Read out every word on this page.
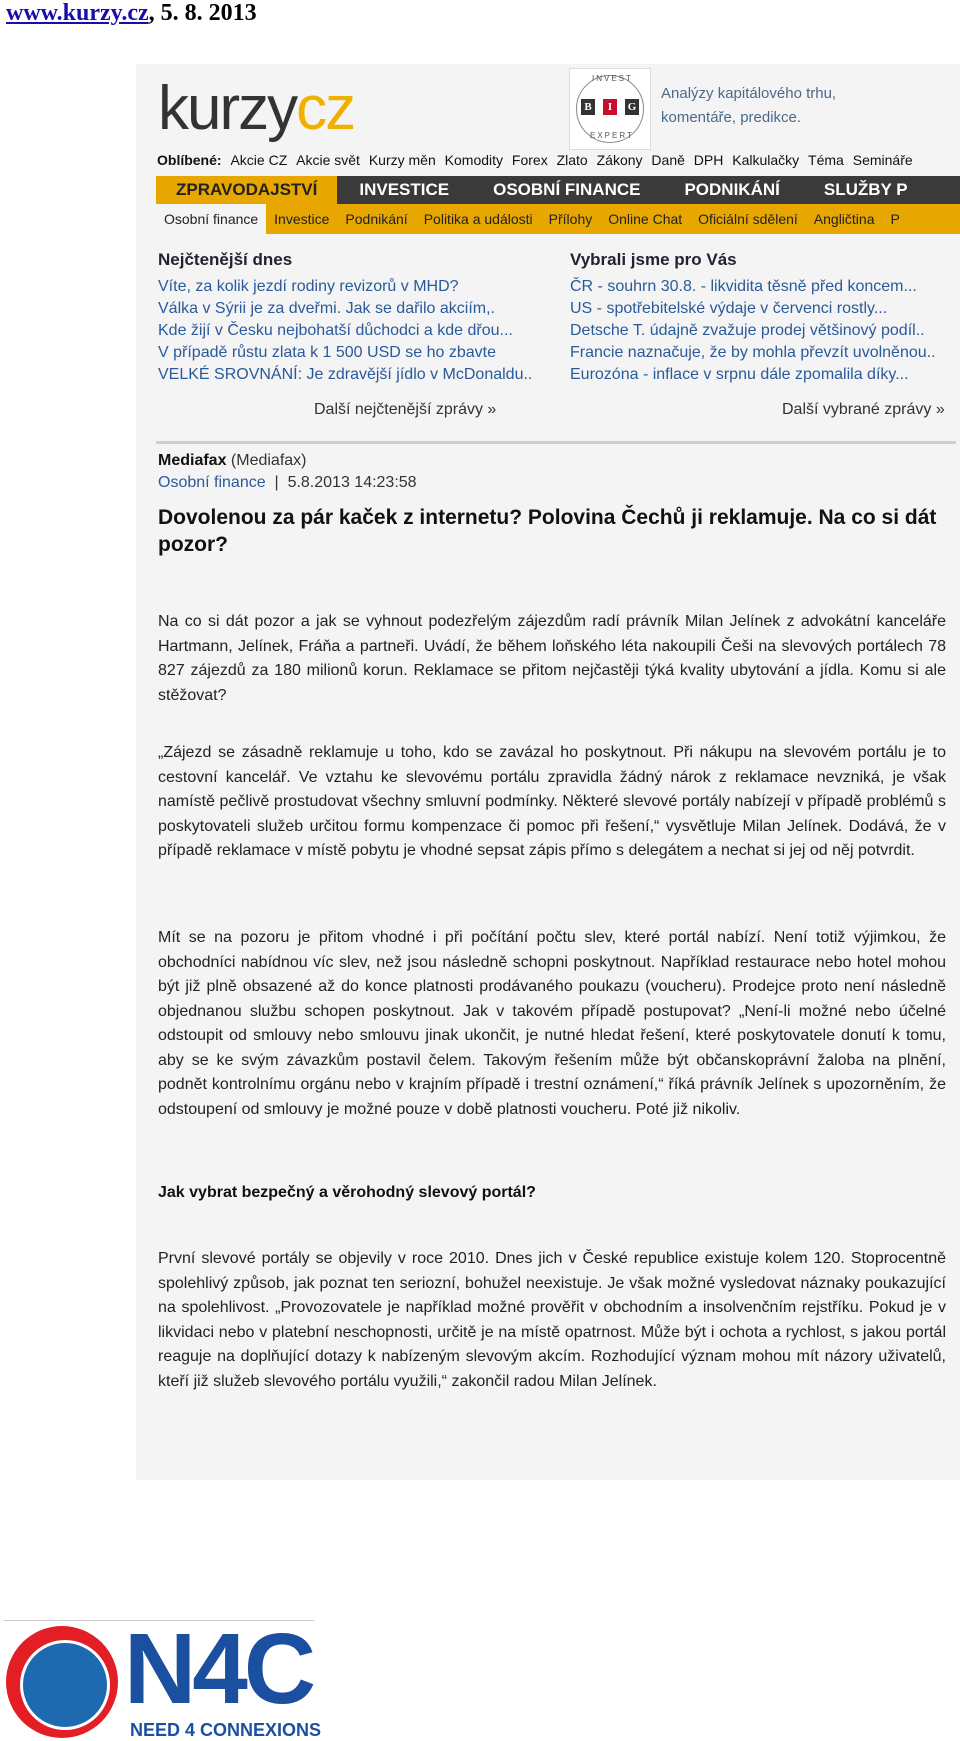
www.kurzy.cz, 5. 8. 2013
kurzycz	INVEST
B	I	G
EXPERT
Analýzy kapitálového trhu,
komentáře, predikce.
Oblíbené: Akcie CZ Akcie svět Kurzy měn Komodity Forex Zlato Zákony Daně DPH Kalkulačky Téma Semináře
ZPRAVODAJSTVÍ INVESTICE	OSOBNÍ FINANCE	PODNIKÁNÍ	SLUŽBY P
Osobní finance Investice Podnikání Politika a události Přílohy Online Chat Oficiální sdělení Angličtina P
Nejčtenější dnes
Víte, za kolik jezdí rodiny revizorů v MHD?
Válka v Sýrii je za dveřmi. Jak se dařilo akciím,.
Kde žijí v Česku nejbohatší důchodci a kde dřou...
V případě růstu zlata k 1 500 USD se ho zbavte
VELKÉ SROVNÁNÍ: Je zdravější jídlo v McDonaldu..
Další nejčtenější zprávy »
Vybrali jsme pro Vás
ČR - souhrn 30.8. - likvidita těsně před koncem...
US - spotřebitelské výdaje v červenci rostly...
Detsche T. údajně zvažuje prodej většinový podíl..
Francie naznačuje, že by mohla převzít uvolněnou..
Eurozóna - inflace v srpnu dále zpomalila díky...
Další vybrané zprávy »
Mediafax (Mediafax)
Osobní finance  |  5.8.2013 14:23:58
Dovolenou za pár kaček z internetu? Polovina Čechů ji reklamuje. Na co si dát pozor?

Na co si dát pozor a jak se vyhnout podezřelým zájezdům radí právník Milan Jelínek z advokátní kanceláře Hartmann, Jelínek, Fráňa a partneři. Uvádí, že během loňského léta nakoupili Češi na slevových portálech 78 827 zájezdů za 180 milionů korun. Reklamace se přitom nejčastěji týká kvality ubytování a jídla. Komu si ale stěžovat?

„Zájezd se zásadně reklamuje u toho, kdo se zavázal ho poskytnout. Při nákupu na slevovém portálu je to cestovní kancelář. Ve vztahu ke slevovému portálu zpravidla žádný nárok z reklamace nevzniká, je však namístě pečlivě prostudovat všechny smluvní podmínky. Některé slevové portály nabízejí v případě problémů s poskytovateli služeb určitou formu kompenzace či pomoc při řešení,“ vysvětluje Milan Jelínek. Dodává, že v případě reklamace v místě pobytu je vhodné sepsat zápis přímo s delegátem a nechat si jej od něj potvrdit.

Mít se na pozoru je přitom vhodné i při počítání počtu slev, které portál nabízí. Není totiž výjimkou, že obchodníci nabídnou víc slev, než jsou následně schopni poskytnout. Například restaurace nebo hotel mohou být již plně obsazené až do konce platnosti prodávaného poukazu (voucheru). Prodejce proto není následně objednanou službu schopen poskytnout. Jak v takovém případě postupovat? „Není-li možné nebo účelné odstoupit od smlouvy nebo smlouvu jinak ukončit, je nutné hledat řešení, které poskytovatele donutí k tomu, aby se ke svým závazkům postavil čelem. Takovým řešením může být občanskoprávní žaloba na plnění, podnět kontrolnímu orgánu nebo v krajním případě i trestní oznámení,“ říká právník Jelínek s upozorněním, že odstoupení od smlouvy je možné pouze v době platnosti voucheru. Poté již nikoliv.

Jak vybrat bezpečný a věrohodný slevový portál?

První slevové portály se objevily v roce 2010. Dnes jich v České republice existuje kolem 120. Stoprocentně spolehlivý způsob, jak poznat ten seriozní, bohužel neexistuje. Je však možné vysledovat náznaky poukazující na spolehlivost. „Provozovatele je například možné prověřit v obchodním a insolvenčním rejstříku. Pokud je v likvidaci nebo v platební neschopnosti, určitě je na místě opatrnost. Může být i ochota a rychlost, s jakou portál reaguje na doplňující dotazy k nabízeným slevovým akcím. Rozhodující význam mohou mít názory uživatelů, kteří již služeb slevového portálu využili,“ zakončil radou Milan Jelínek.

N4C
NEED 4 CONNEXIONS
